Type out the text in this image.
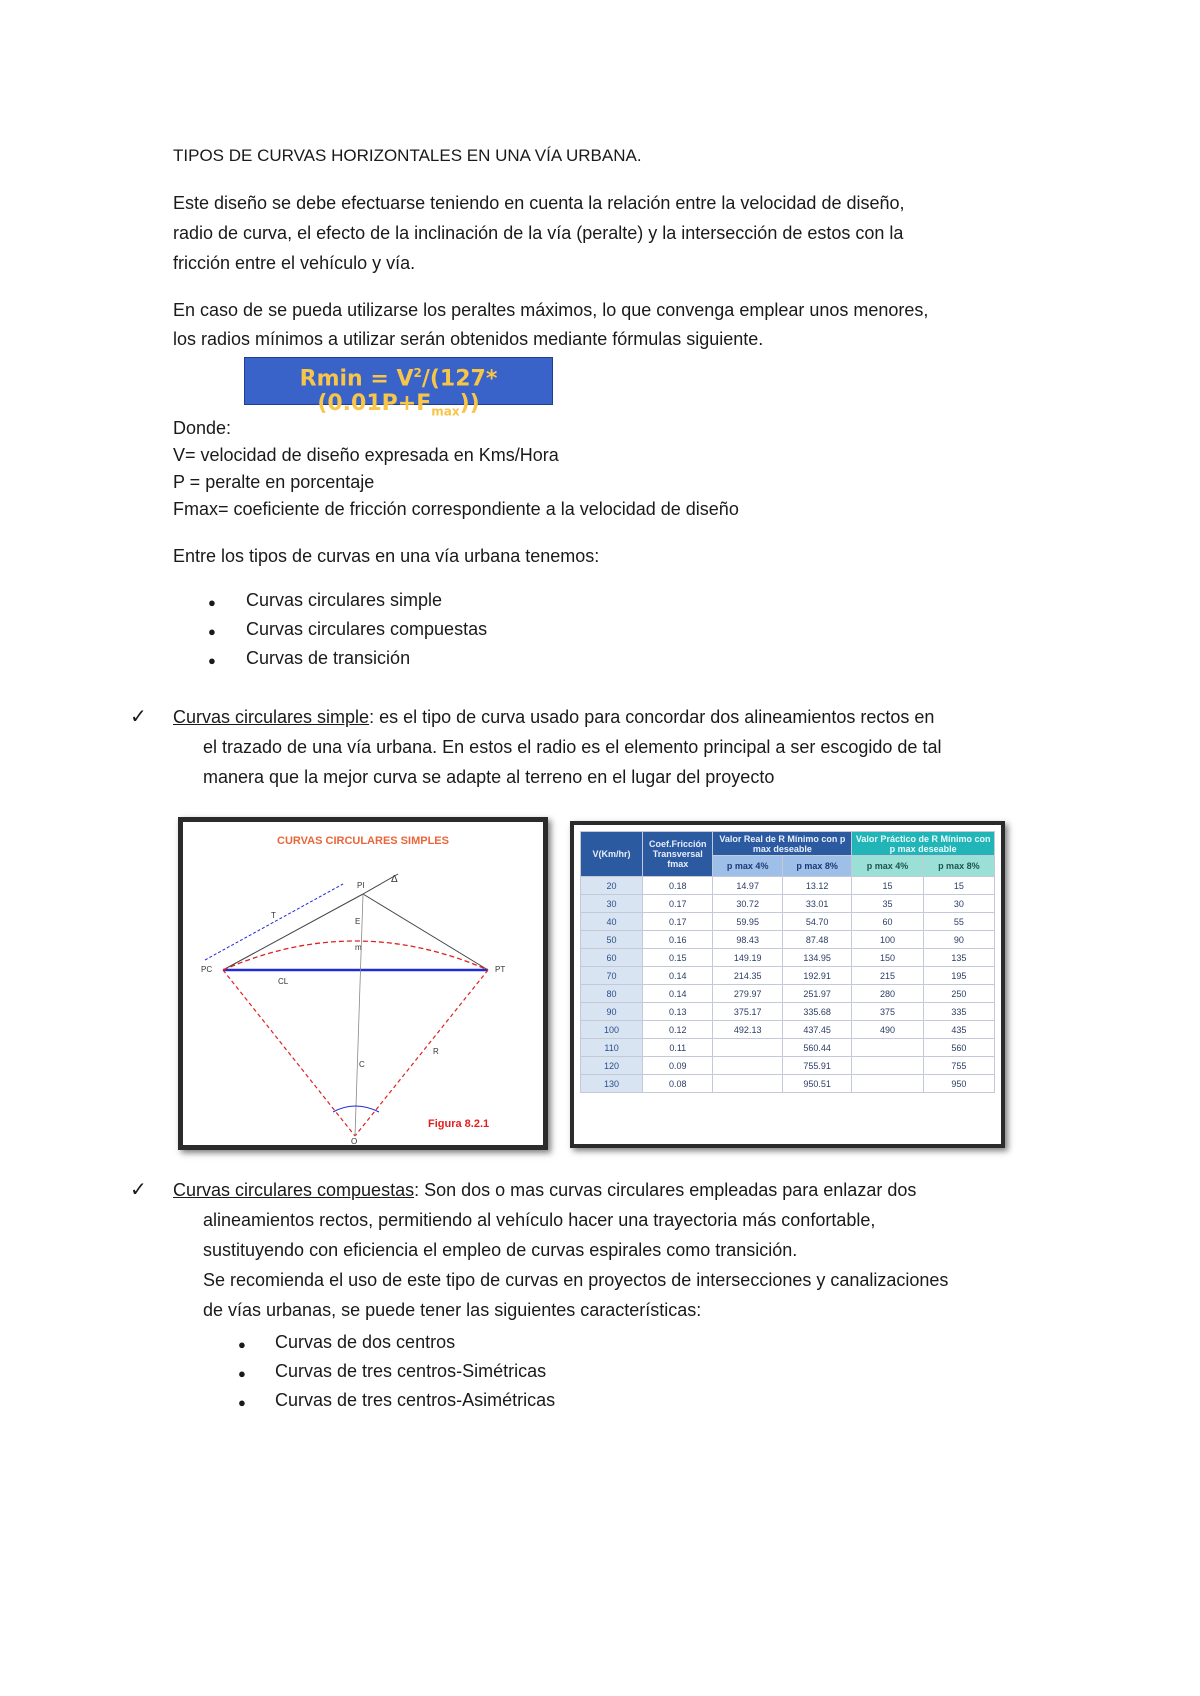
TIPOS DE CURVAS HORIZONTALES EN UNA VÍA URBANA.

Este diseño se debe efectuarse teniendo en cuenta la relación entre la velocidad de diseño,

radio de curva, el efecto de la inclinación de la vía (peralte) y la intersección de estos con la

fricción entre el vehículo y vía.

En caso de se pueda utilizarse los peraltes máximos, lo que convenga emplear unos menores,

los radios mínimos a utilizar serán obtenidos mediante fórmulas siguiente.

$Rmin = V^2/(127*(0.01P+F_{max}))$

Donde:

V= velocidad de diseño expresada en Kms/Hora

P = peralte en porcentaje

Fmax= coeficiente de fricción correspondiente a la velocidad de diseño

Entre los tipos de curvas en una vía urbana tenemos:

● Curvas circulares simple

● Curvas circulares compuestas

● Curvas de transición

✓ Curvas circulares simple: es el tipo de curva usado para concordar dos alineamientos rectos en

el trazado de una vía urbana. En estos el radio es el elemento principal a ser escogido de tal

manera que la mejor curva se adapte al terreno en el lugar del proyecto

CURVAS CIRCULARES SIMPLES
PC	PT
PI
O
C
CL
T
R
E
m
Δ
Figura 8.2.1
V(Km/hr)	Coef.Fricción Transversal fmax	Valor Real de R Mínimo con p max deseable		Valor Práctico de R Mínimo con p max deseable	
		p max 4%	p max 8%	p max 4%	p max 8%
20	0.18	14.97	13.12	15	15
30	0.17	30.72	33.01	35	30
40	0.17	59.95	54.70	60	55
50	0.16	98.43	87.48	100	90
60	0.15	149.19	134.95	150	135
70	0.14	214.35	192.91	215	195
80	0.14	279.97	251.97	280	250
90	0.13	375.17	335.68	375	335
100	0.12	492.13	437.45	490	435
110	0.11		560.44		560
120	0.09		755.91		755
130	0.08		950.51		950
✓ Curvas circulares compuestas: Son dos o mas curvas circulares empleadas para enlazar dos

alineamientos rectos, permitiendo al vehículo hacer una trayectoria más confortable,

sustituyendo con eficiencia el empleo de curvas espirales como transición.

Se recomienda el uso de este tipo de curvas en proyectos de intersecciones y canalizaciones

de vías urbanas, se puede tener las siguientes características:

● Curvas de dos centros

● Curvas de tres centros-Simétricas

● Curvas de tres centros-Asimétricas
